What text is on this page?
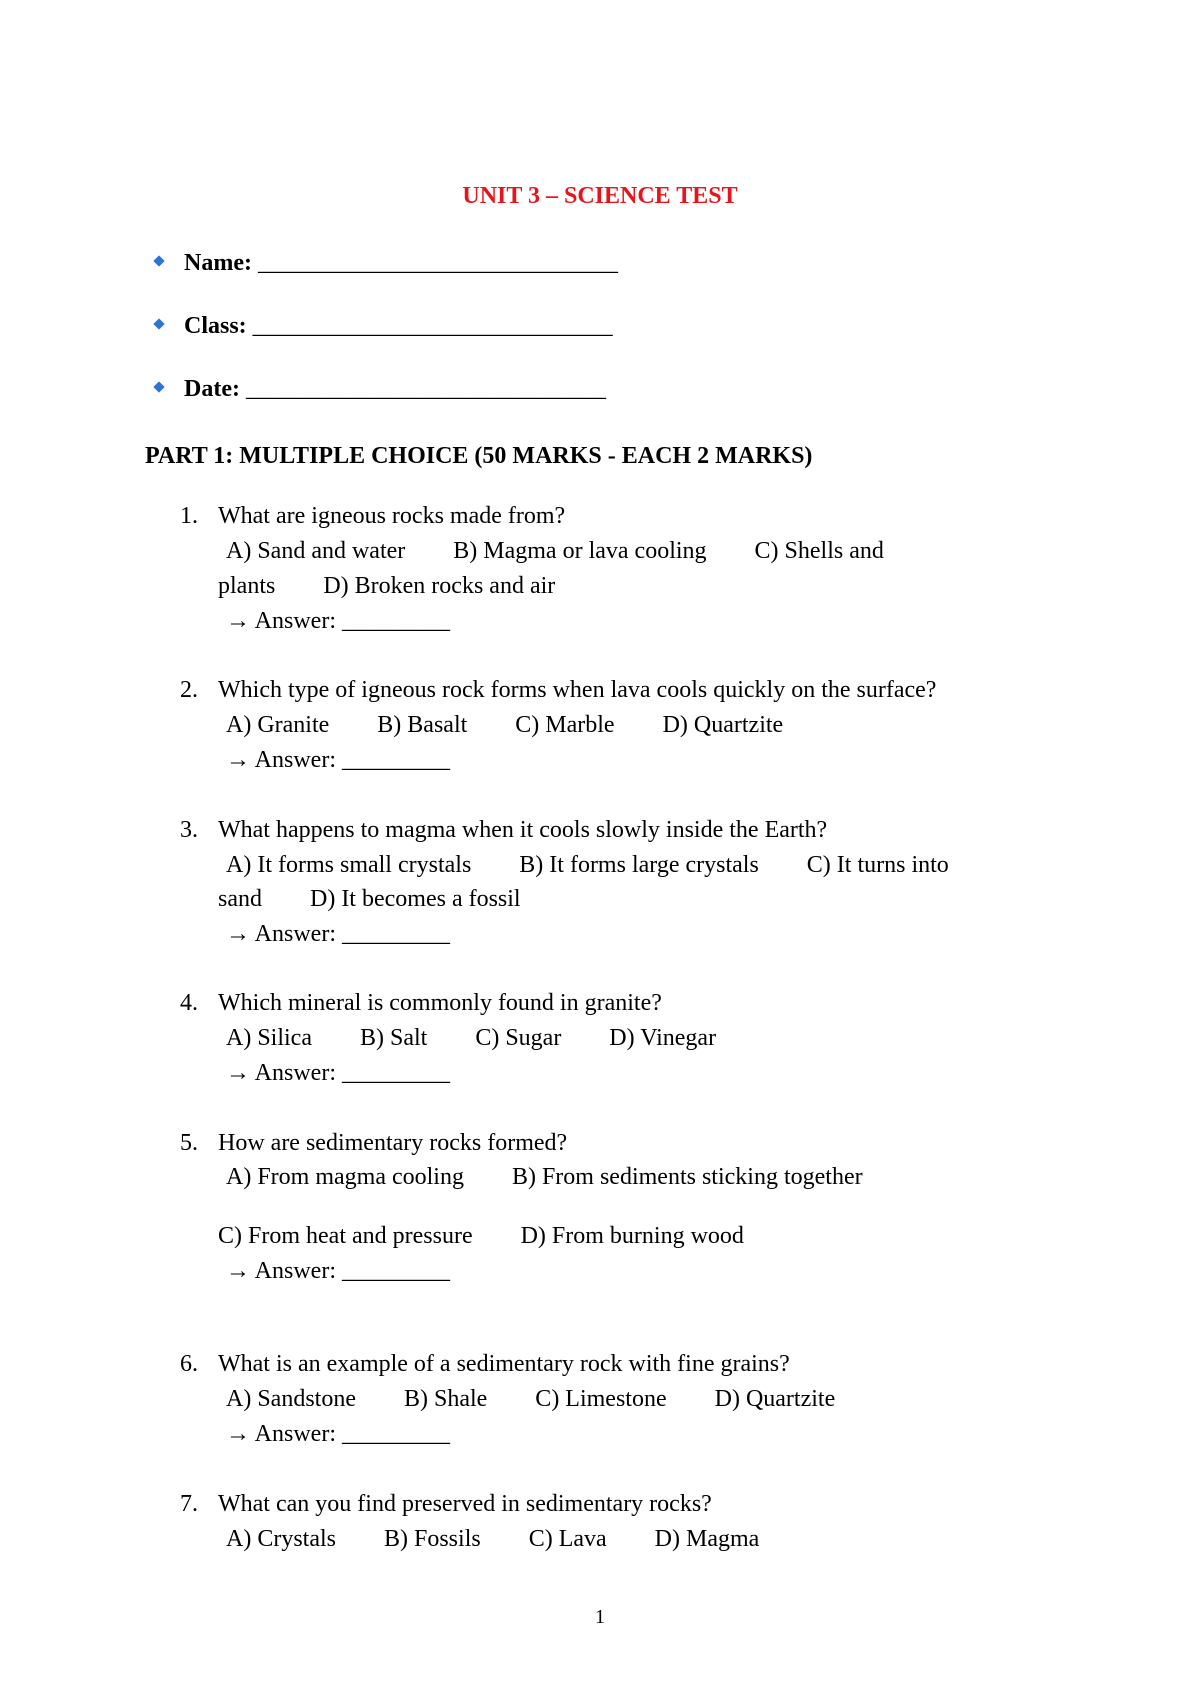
UNIT 3 – SCIENCE TEST
Name: ______________________________
Class: ______________________________
Date: ______________________________
PART 1: MULTIPLE CHOICE (50 MARKS - EACH 2 MARKS)
1. What are igneous rocks made from?
A) Sand and water        B) Magma or lava cooling        C) Shells and
plants        D) Broken rocks and air
→ Answer: _________
2. Which type of igneous rock forms when lava cools quickly on the surface?
A) Granite        B) Basalt        C) Marble        D) Quartzite
→ Answer: _________
3. What happens to magma when it cools slowly inside the Earth?
A) It forms small crystals        B) It forms large crystals        C) It turns into
sand        D) It becomes a fossil
→ Answer: _________
4. Which mineral is commonly found in granite?
A) Silica        B) Salt        C) Sugar        D) Vinegar
→ Answer: _________
5. How are sedimentary rocks formed?
A) From magma cooling        B) From sediments sticking together
C) From heat and pressure        D) From burning wood
→ Answer: _________
6. What is an example of a sedimentary rock with fine grains?
A) Sandstone        B) Shale        C) Limestone        D) Quartzite
→ Answer: _________
7. What can you find preserved in sedimentary rocks?
A) Crystals        B) Fossils        C) Lava        D) Magma
1
